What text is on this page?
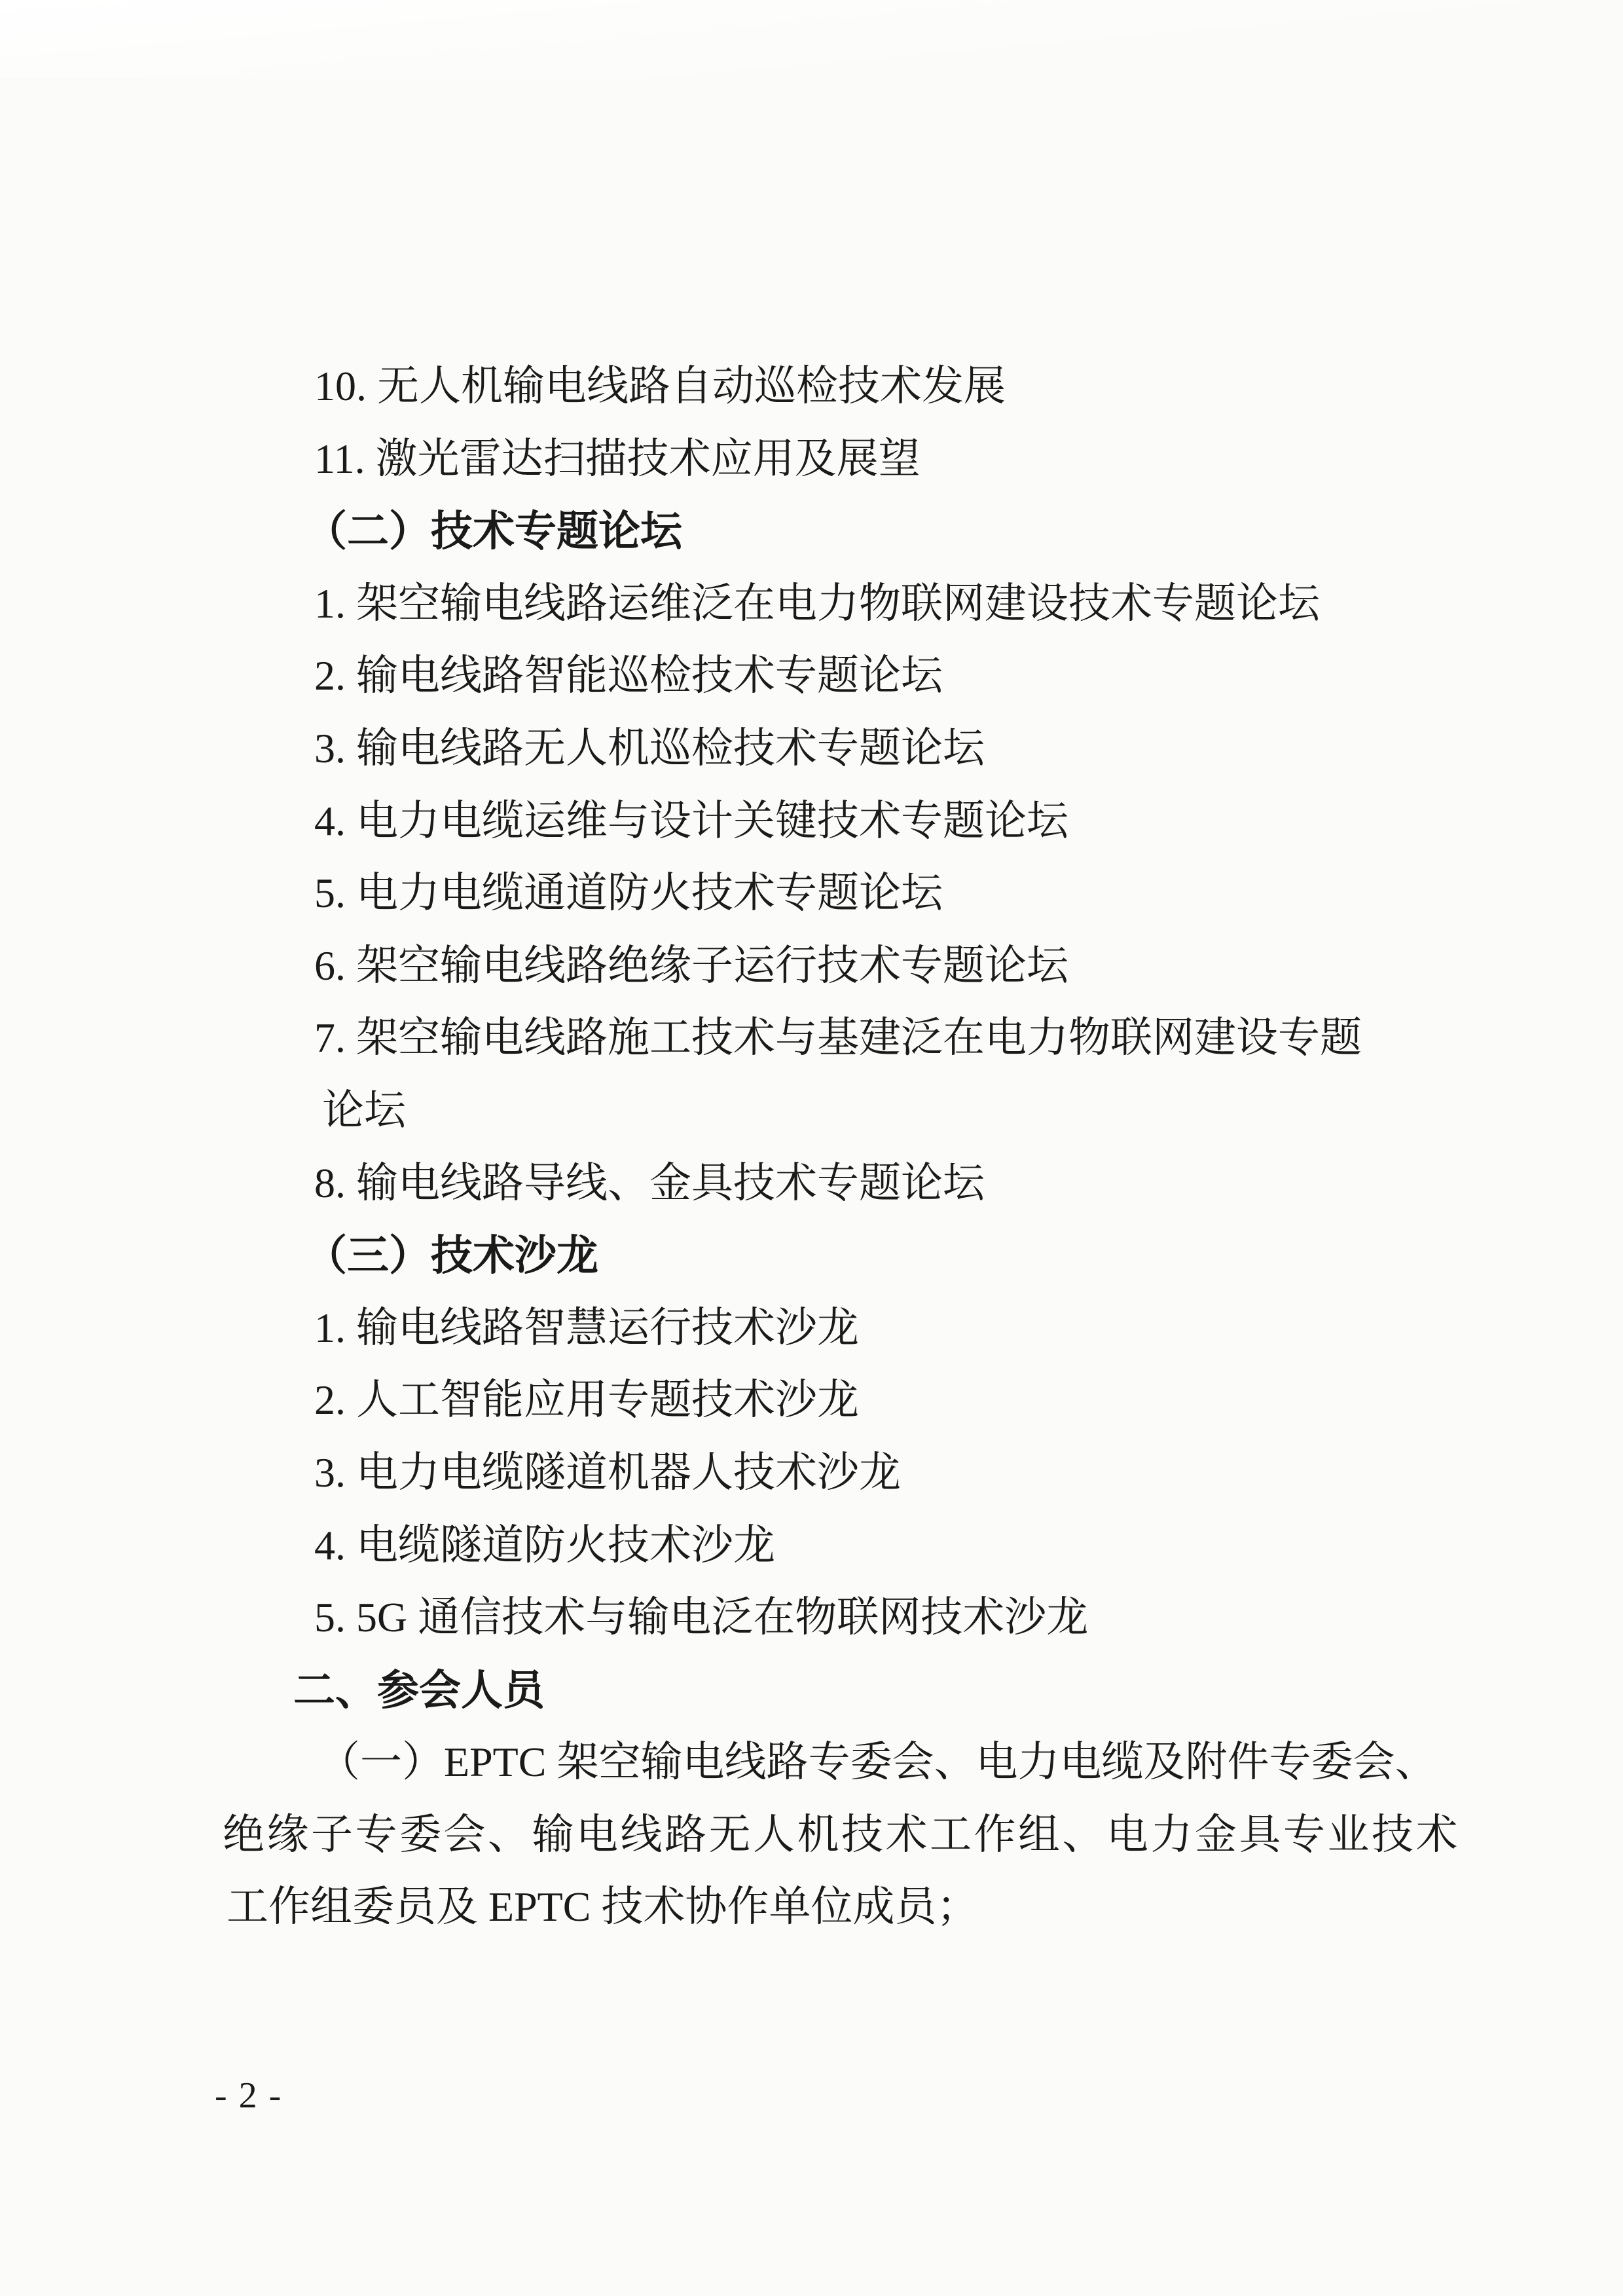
10. 无人机输电线路自动巡检技术发展
11. 激光雷达扫描技术应用及展望
（二）技术专题论坛
1. 架空输电线路运维泛在电力物联网建设技术专题论坛
2. 输电线路智能巡检技术专题论坛
3. 输电线路无人机巡检技术专题论坛
4. 电力电缆运维与设计关键技术专题论坛
5. 电力电缆通道防火技术专题论坛
6. 架空输电线路绝缘子运行技术专题论坛
7. 架空输电线路施工技术与基建泛在电力物联网建设专题
论坛
8. 输电线路导线、金具技术专题论坛
（三）技术沙龙
1. 输电线路智慧运行技术沙龙
2. 人工智能应用专题技术沙龙
3. 电力电缆隧道机器人技术沙龙
4. 电缆隧道防火技术沙龙
5. 5G 通信技术与输电泛在物联网技术沙龙
二、参会人员
（一）EPTC 架空输电线路专委会、电力电缆及附件专委会、
绝缘子专委会、输电线路无人机技术工作组、电力金具专业技术
工作组委员及 EPTC 技术协作单位成员；
- 2 -
